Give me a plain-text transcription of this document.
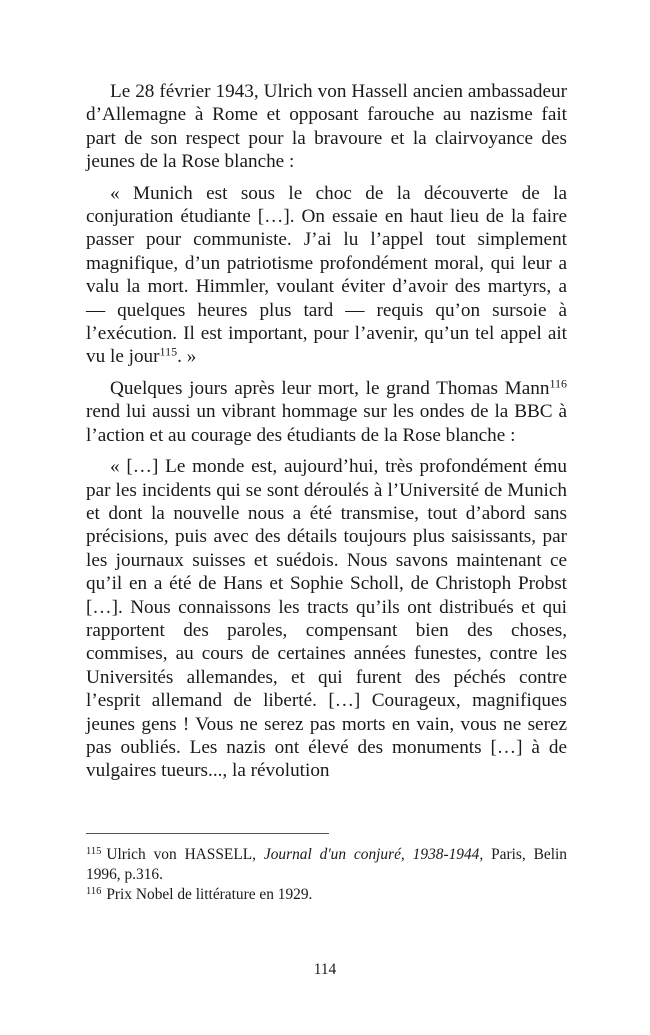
Le 28 février 1943, Ulrich von Hassell ancien ambassadeur d’Allemagne à Rome et opposant farouche au nazisme fait part de son respect pour la bravoure et la clairvoyance des jeunes de la Rose blanche :

« Munich est sous le choc de la découverte de la conjuration étudiante […]. On essaie en haut lieu de la faire passer pour communiste. J’ai lu l’appel tout simplement magnifique, d’un patriotisme profondément moral, qui leur a valu la mort. Himmler, voulant éviter d’avoir des martyrs, a — quelques heures plus tard — requis qu’on sursoie à l’exécution. Il est important, pour l’avenir, qu’un tel appel ait vu le jour$^{115}$. »

Quelques jours après leur mort, le grand Thomas Mann$^{116}$ rend lui aussi un vibrant hommage sur les ondes de la BBC à l’action et au courage des étudiants de la Rose blanche :

« […] Le monde est, aujourd’hui, très profondément ému par les incidents qui se sont déroulés à l’Université de Munich et dont la nouvelle nous a été transmise, tout d’abord sans précisions, puis avec des détails toujours plus saisissants, par les journaux suisses et suédois. Nous savons maintenant ce qu’il en a été de Hans et Sophie Scholl, de Christoph Probst […]. Nous connaissons les tracts qu’ils ont distribués et qui rapportent des paroles, compensant bien des choses, commises, au cours de certaines années funestes, contre les Universités allemandes, et qui furent des péchés contre l’esprit allemand de liberté. […] Courageux, magnifiques jeunes gens ! Vous ne serez pas morts en vain, vous ne serez pas oubliés. Les nazis ont élevé des monuments […] à de vulgaires tueurs..., la révolution

$^{115}$ Ulrich von HASSELL, Journal d'un conjuré, 1938-1944, Paris, Belin 1996, p.316.

$^{116}$ Prix Nobel de littérature en 1929.

114
